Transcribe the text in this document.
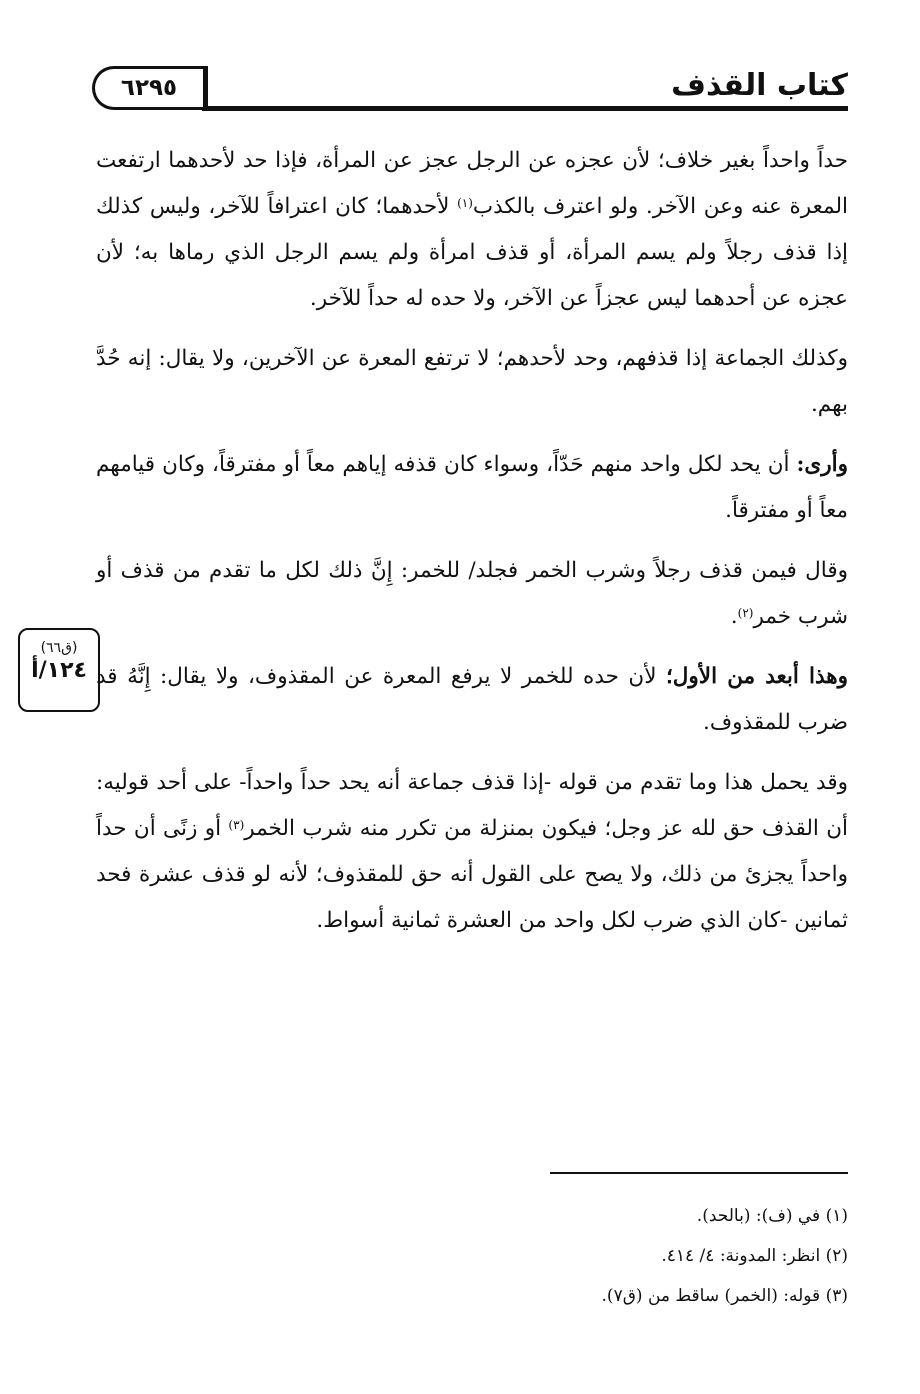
كتاب القذف
٦٢٩٥
(ق٦٦)
١٢٤/أ

حداً واحداً بغير خلاف؛ لأن عجزه عن الرجل عجز عن المرأة، فإذا حد لأحدهما ارتفعت المعرة عنه وعن الآخر. ولو اعترف بالكذب$^{(١)}$ لأحدهما؛ كان اعترافاً للآخر، وليس كذلك إذا قذف رجلاً ولم يسم المرأة، أو قذف امرأة ولم يسم الرجل الذي رماها به؛ لأن عجزه عن أحدهما ليس عجزاً عن الآخر، ولا حده له حداً للآخر.

وكذلك الجماعة إذا قذفهم، وحد لأحدهم؛ لا ترتفع المعرة عن الآخرين، ولا يقال: إنه حُدَّ بهم.

وأرى: أن يحد لكل واحد منهم حَدّاً، وسواء كان قذفه إياهم معاً أو مفترقاً، وكان قيامهم معاً أو مفترقاً.

وقال فيمن قذف رجلاً وشرب الخمر فجلد/ للخمر: إِنَّ ذلك لكل ما تقدم من قذف أو شرب خمر$^{(٢)}$.

وهذا أبعد من الأول؛ لأن حده للخمر لا يرفع المعرة عن المقذوف، ولا يقال: إِنَّهُ قد ضرب للمقذوف.

وقد يحمل هذا وما تقدم من قوله -إذا قذف جماعة أنه يحد حداً واحداً- على أحد قوليه: أن القذف حق لله عز وجل؛ فيكون بمنزلة من تكرر منه شرب الخمر$^{(٣)}$ أو زنًى أن حداً واحداً يجزئ من ذلك، ولا يصح على القول أنه حق للمقذوف؛ لأنه لو قذف عشرة فحد ثمانين -كان الذي ضرب لكل واحد من العشرة ثمانية أسواط.

(١) في (ف): (بالحد).

(٢) انظر: المدونة: ٤/ ٤١٤.

(٣) قوله: (الخمر) ساقط من (ق٧).
